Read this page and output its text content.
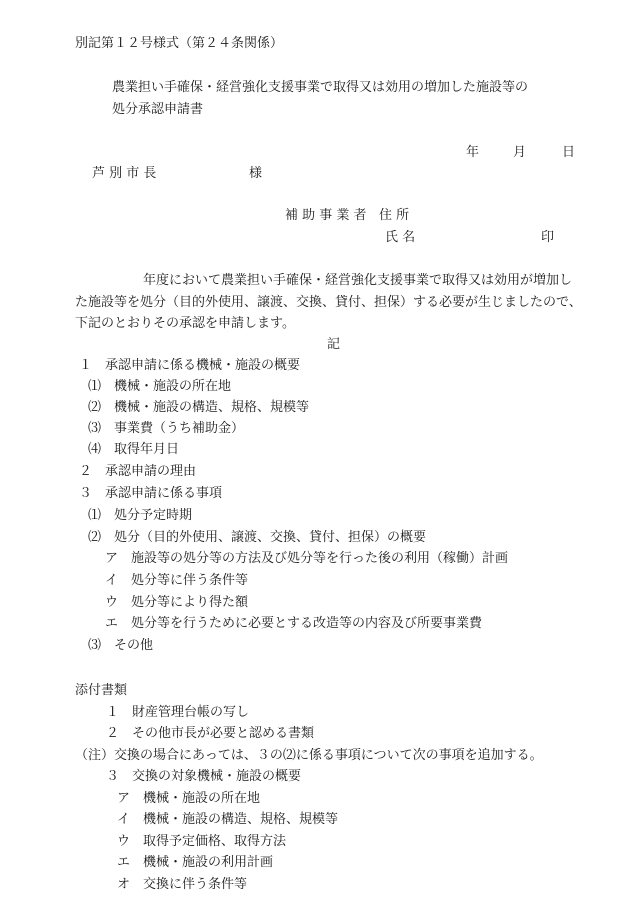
別記第１２号様式（第２４条関係）
農業担い手確保・経営強化支援事業で取得又は効用の増加した施設等の
処分承認申請書
年	月	日
芦 別 市 長	様
補 助 事 業 者 住 所
氏 名	印
年度において農業担い手確保・経営強化支援事業で取得又は効用が増加し
た施設等を処分（目的外使用、譲渡、交換、貸付、担保）する必要が生じましたので、
下記のとおりその承認を申請します。
記
１　承認申請に係る機械・施設の概要
⑴　機械・施設の所在地
⑵　機械・施設の構造、規格、規模等
⑶　事業費（うち補助金）
⑷　取得年月日
２　承認申請の理由
３　承認申請に係る事項
⑴　処分予定時期
⑵　処分（目的外使用、譲渡、交換、貸付、担保）の概要
ア　施設等の処分等の方法及び処分等を行った後の利用（稼働）計画
イ　処分等に伴う条件等
ウ　処分等により得た額
エ　処分等を行うために必要とする改造等の内容及び所要事業費
⑶　その他
添付書類
１　財産管理台帳の写し
２　その他市長が必要と認める書類
（注）交換の場合にあっては、３の⑵に係る事項について次の事項を追加する。
３　交換の対象機械・施設の概要
ア　機械・施設の所在地
イ　機械・施設の構造、規格、規模等
ウ　取得予定価格、取得方法
エ　機械・施設の利用計画
オ　交換に伴う条件等
